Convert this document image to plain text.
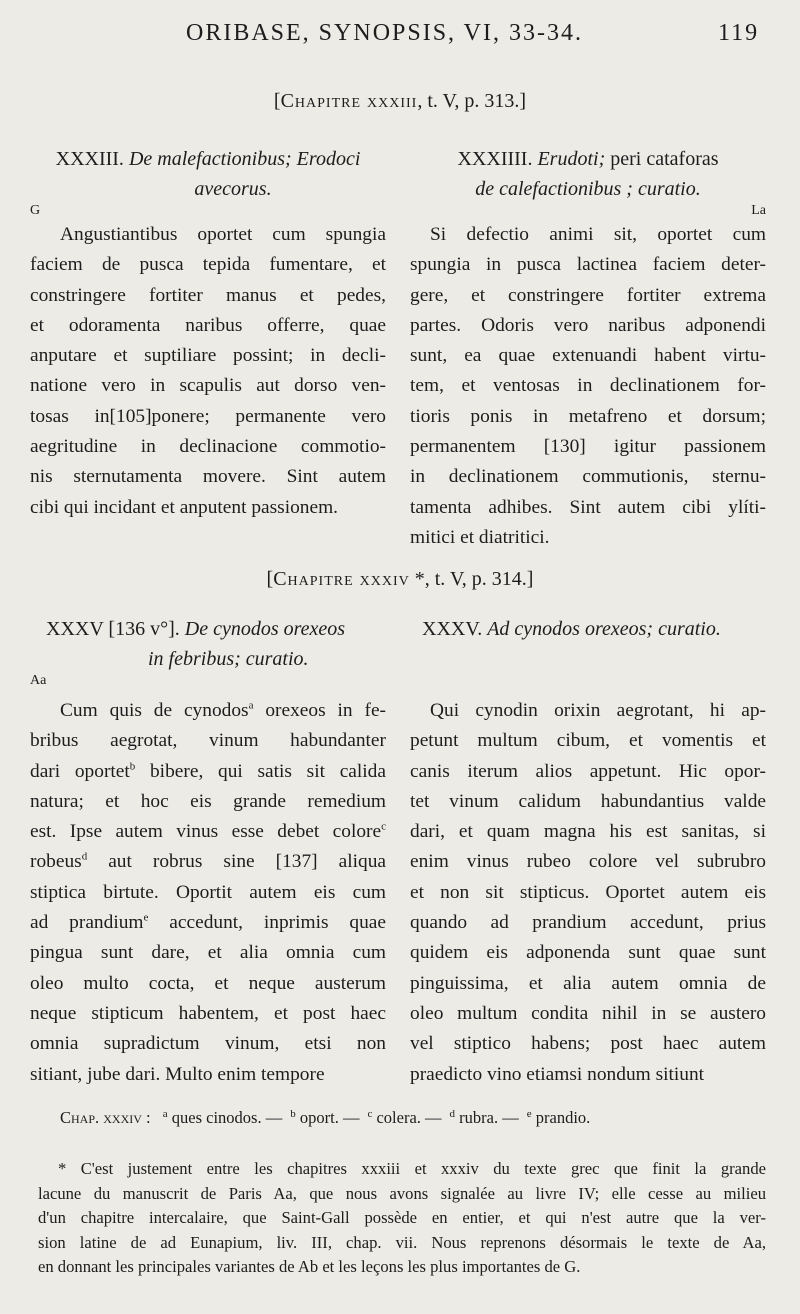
ORIBASE, SYNOPSIS, VI, 33-34.	119
[Chapitre xxxiii, t. V, p. 313.]
XXXIII. De malefactionibus; Erodoci
avecorus.
G
Angustiantibus oportet cum spungia
faciem de pusca tepida fumentare, et
constringere fortiter manus et pedes,
et odoramenta naribus offerre, quae
anputare et suptiliare possint; in decli-
natione vero in scapulis aut dorso ven-
tosas in[105]ponere; permanente vero
aegritudine in declinacione commotio-
nis sternutamenta movere. Sint autem
cibi qui incidant et anputent passionem.
XXXIIII. Erudoti; peri cataforas
de calefactionibus ; curatio.
La
Si defectio animi sit, oportet cum
spungia in pusca lactinea faciem deter-
gere, et constringere fortiter extrema
partes. Odoris vero naribus adponendi
sunt, ea quae extenuandi habent virtu-
tem, et ventosas in declinationem for-
tioris ponis in metafreno et dorsum;
permanentem [130] igitur passionem
in declinationem commutionis, sternu-
tamenta adhibes. Sint autem cibi ylíti-
mitici et diatritici.
[Chapitre xxxiv *, t. V, p. 314.]
XXXV [136 v°]. De cynodos orexeos
in febribus; curatio.
Aa
Cum quis de cynodos$^a$ orexeos in fe-
bribus aegrotat, vinum habundanter
dari oportet$^b$ bibere, qui satis sit calida
natura; et hoc eis grande remedium
est. Ipse autem vinus esse debet colore$^c$
robeus$^d$ aut robrus sine [137] aliqua
stiptica birtute. Oportit autem eis cum
ad prandium$^e$ accedunt, inprimis quae
pingua sunt dare, et alia omnia cum
oleo multo cocta, et neque austerum
neque stipticum habentem, et post haec
omnia supradictum vinum, etsi non
sitiant, jube dari. Multo enim tempore
XXXV. Ad cynodos orexeos; curatio.
Qui cynodin orixin aegrotant, hi ap-
petunt multum cibum, et vomentis et
canis iterum alios appetunt. Hic opor-
tet vinum calidum habundantius valde
dari, et quam magna his est sanitas, si
enim vinus rubeo colore vel subrubro
et non sit stipticus. Oportet autem eis
quando ad prandium accedunt, prius
quidem eis adponenda sunt quae sunt
pinguissima, et alia autem omnia de
oleo multum condita nihil in se austero
vel stiptico habens; post haec autem
praedicto vino etiamsi nondum sitiunt
Chap. xxxiv : $^a$ ques cinodos. — $^b$ oport. — $^c$ colera. — $^d$ rubra. — $^e$ prandio.
* C'est justement entre les chapitres xxxiii et xxxiv du texte grec que finit la grande
lacune du manuscrit de Paris Aa, que nous avons signalée au livre IV; elle cesse au milieu
d'un chapitre intercalaire, que Saint-Gall possède en entier, et qui n'est autre que la ver-
sion latine de ad Eunapium, liv. III, chap. vii. Nous reprenons désormais le texte de Aa,
en donnant les principales variantes de Ab et les leçons les plus importantes de G.
